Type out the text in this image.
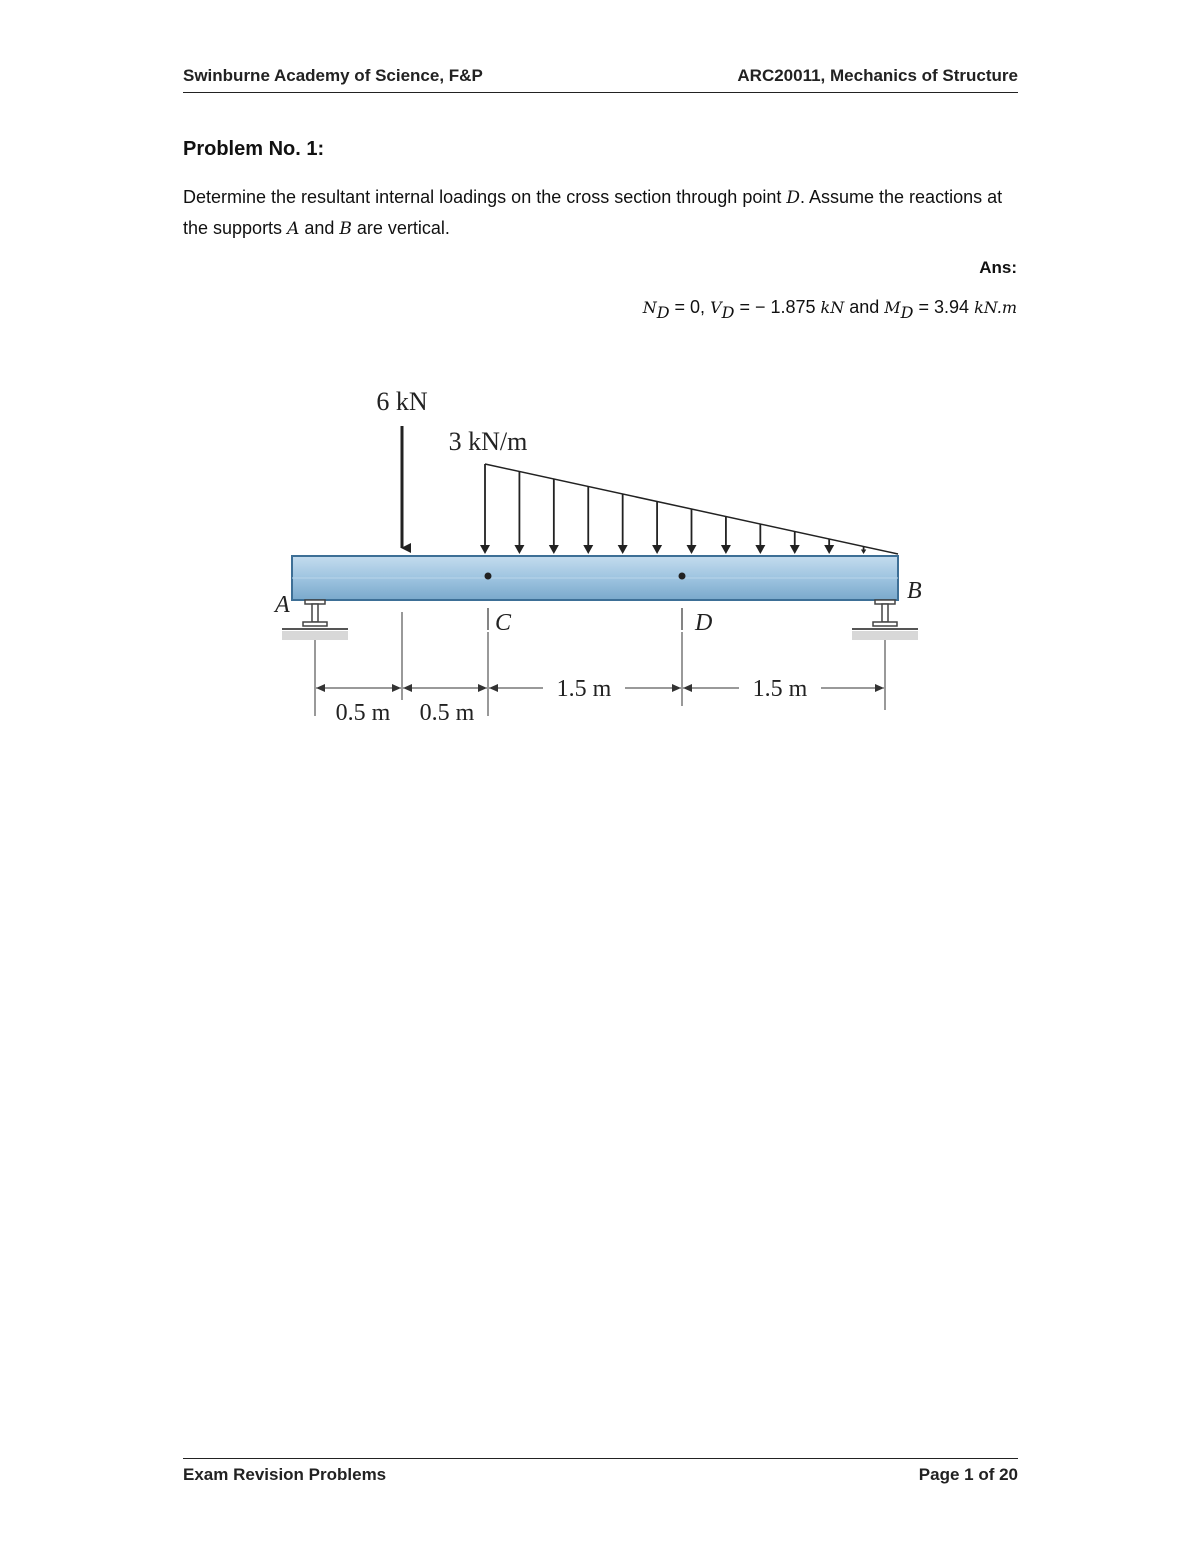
Swinburne Academy of Science, F&P	ARC20011, Mechanics of Structure
Problem No. 1:
Determine the resultant internal loadings on the cross section through point D. Assume the reactions at the supports A and B are vertical.
Ans:
$N_D = 0$, $V_D$ = − 1.875 kN and $M_D = 3.94$ kN.m
6 kN
3 kN/m
A
B
C	D
0.5 m 0.5 m
1.5 m	1.5 m
Exam Revision Problems	Page 1 of 20
